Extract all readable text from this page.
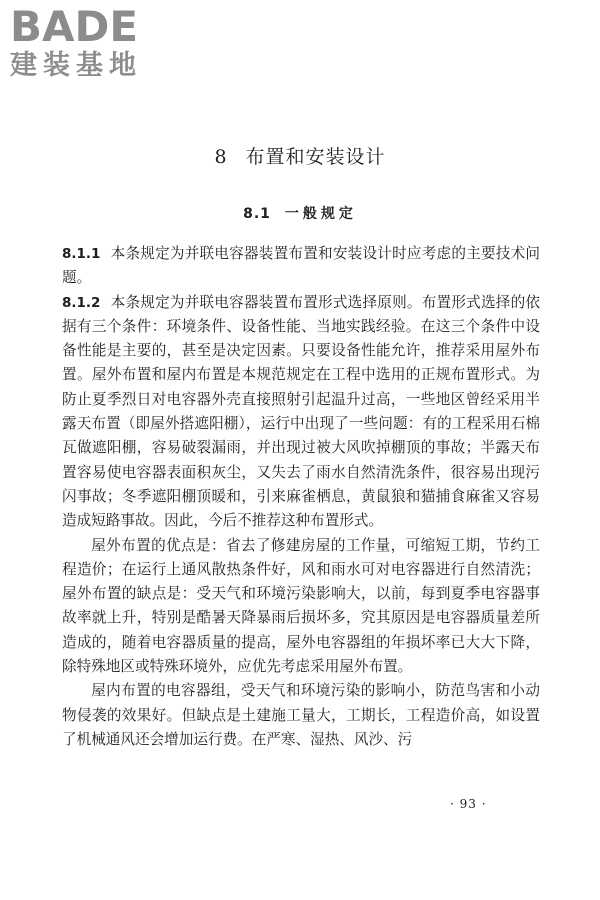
BADE
建装基地
8 布置和安装设计
8.1 一般规定

8.1.1 本条规定为并联电容器装置布置和安装设计时应考虑的主要技术问题。

8.1.2 本条规定为并联电容器装置布置形式选择原则。布置形式选择的依据有三个条件：环境条件、设备性能、当地实践经验。在这三个条件中设备性能是主要的，甚至是决定因素。只要设备性能允许，推荐采用屋外布置。屋外布置和屋内布置是本规范规定在工程中选用的正规布置形式。为防止夏季烈日对电容器外壳直接照射引起温升过高，一些地区曾经采用半露天布置（即屋外搭遮阳棚），运行中出现了一些问题：有的工程采用石棉瓦做遮阳棚，容易破裂漏雨，并出现过被大风吹掉棚顶的事故；半露天布置容易使电容器表面积灰尘，又失去了雨水自然清洗条件，很容易出现污闪事故；冬季遮阳棚顶暖和，引来麻雀栖息，黄鼠狼和猫捕食麻雀又容易造成短路事故。因此，今后不推荐这种布置形式。

屋外布置的优点是：省去了修建房屋的工作量，可缩短工期，节约工程造价；在运行上通风散热条件好，风和雨水可对电容器进行自然清洗；屋外布置的缺点是：受天气和环境污染影响大，以前，每到夏季电容器事故率就上升，特别是酷暑天降暴雨后损坏多，究其原因是电容器质量差所造成的，随着电容器质量的提高，屋外电容器组的年损坏率已大大下降，除特殊地区或特殊环境外，应优先考虑采用屋外布置。

屋内布置的电容器组，受天气和环境污染的影响小，防范鸟害和小动物侵袭的效果好。但缺点是土建施工量大，工期长，工程造价高，如设置了机械通风还会增加运行费。在严寒、湿热、风沙、污

· 93 ·
